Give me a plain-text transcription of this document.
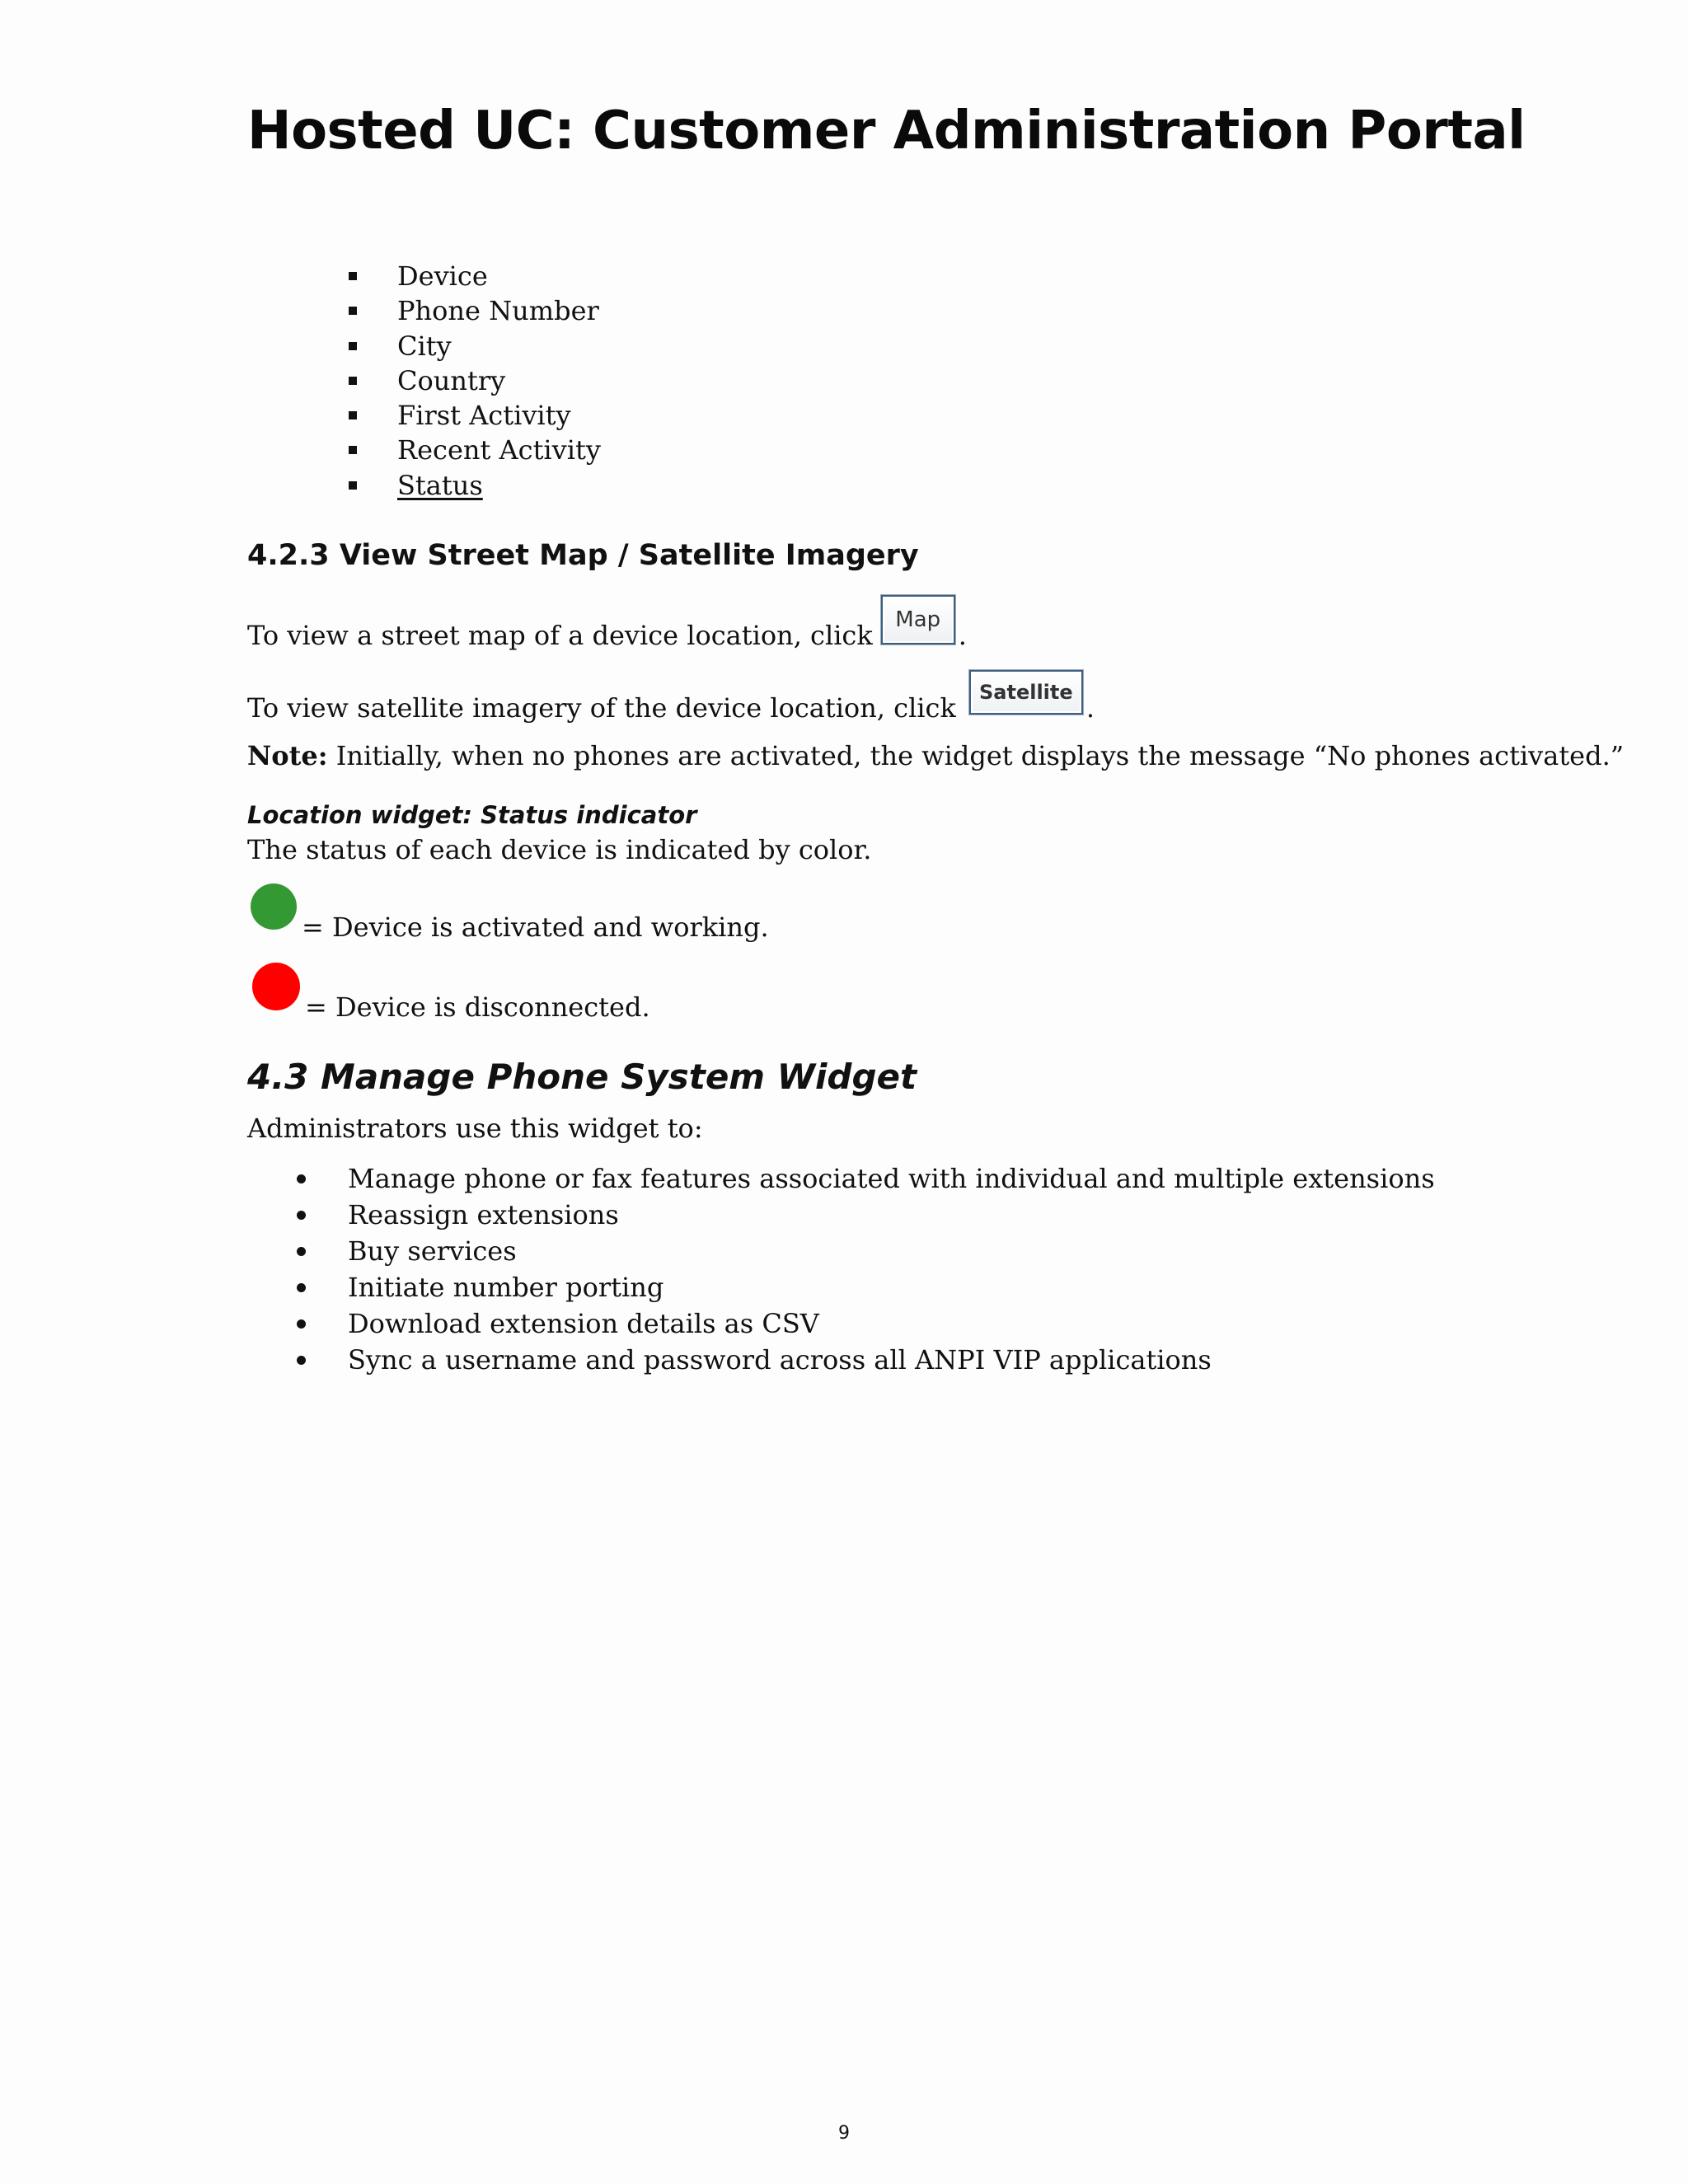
Hosted UC: Customer Administration Portal
Device
Phone Number
City
Country
First Activity
Recent Activity
Status
4.2.3 View Street Map / Satellite Imagery
To view a street map of a device location, clickMap.
To view satellite imagery of the device location, clickSatellite.
Note: Initially, when no phones are activated, the widget displays the message “No phones activated.”

Location widget: Status indicator

The status of each device is indicated by color.
= Device is activated and working.
= Device is disconnected.
4.3 Manage Phone System Widget
Administrators use this widget to:
Manage phone or fax features associated with individual and multiple extensions
Reassign extensions
Buy services
Initiate number porting
Download extension details as CSV
Sync a username and password across all ANPI VIP applications
9
